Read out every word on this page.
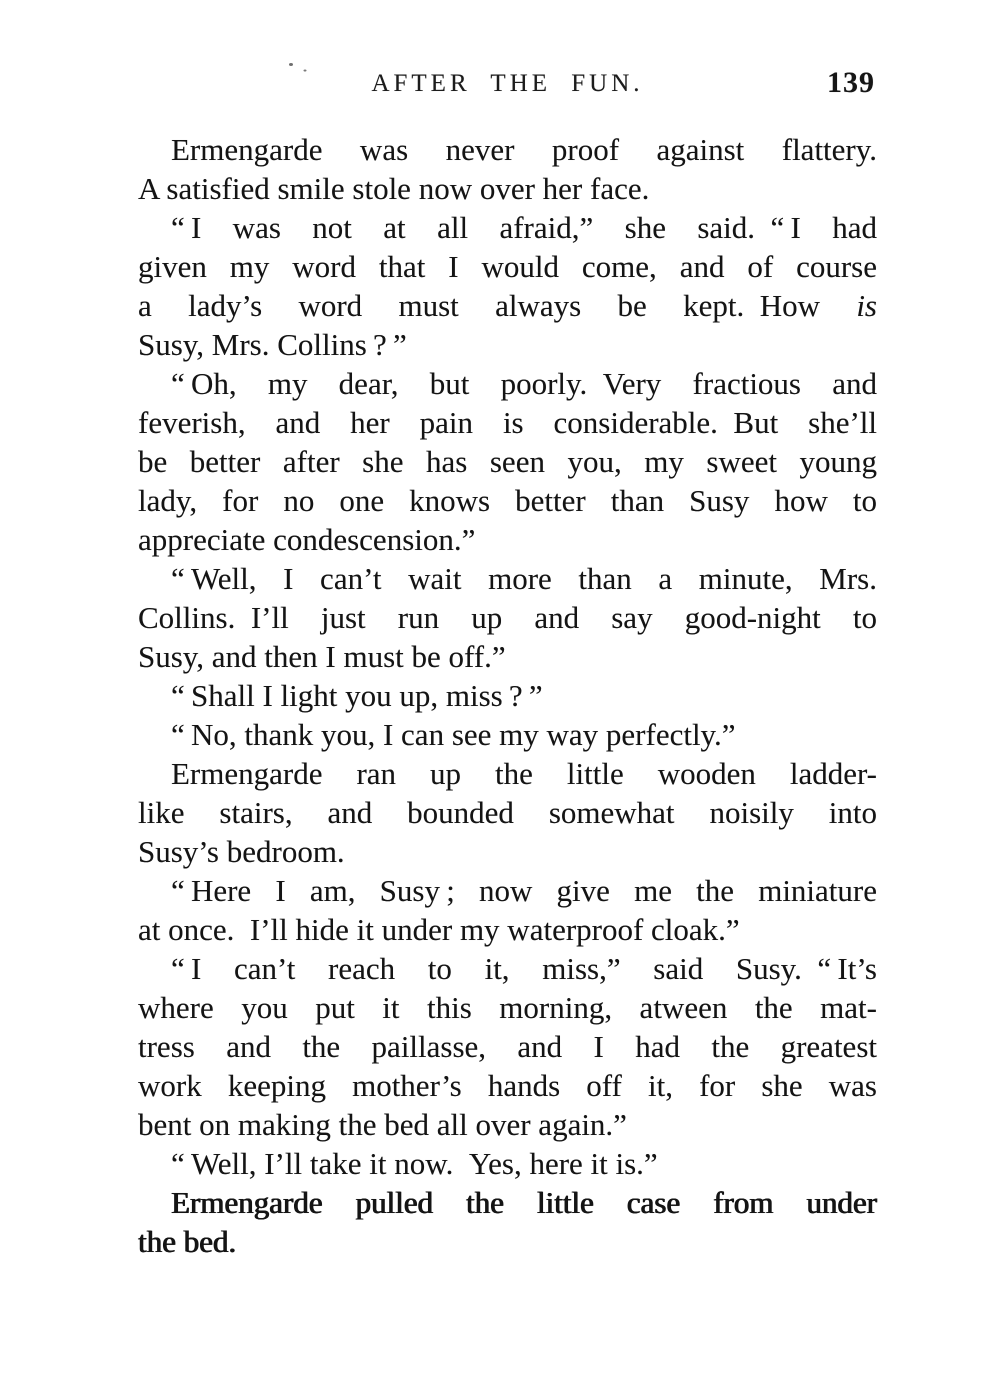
AFTER THE FUN.	139
Ermengarde was never proof against flattery.
A satisfied smile stole now over her face.
“ I was not at all afraid,” she said. “ I had
given my word that I would come, and of course
a lady’s word must always be kept. How is
Susy, Mrs. Collins ? ”
“ Oh, my dear, but poorly. Very fractious and
feverish, and her pain is considerable. But she’ll
be better after she has seen you, my sweet young
lady, for no one knows better than Susy how to
appreciate condescension.”
“ Well, I can’t wait more than a minute, Mrs.
Collins. I’ll just run up and say good-night to
Susy, and then I must be off.”
“ Shall I light you up, miss ? ”
“ No, thank you, I can see my way perfectly.”
Ermengarde ran up the little wooden ladder-
like stairs, and bounded somewhat noisily into
Susy’s bedroom.
“ Here I am, Susy ; now give me the miniature
at once. I’ll hide it under my waterproof cloak.”
“ I can’t reach to it, miss,” said Susy. “ It’s
where you put it this morning, atween the mat-
tress and the paillasse, and I had the greatest
work keeping mother’s hands off it, for she was
bent on making the bed all over again.”
“ Well, I’ll take it now. Yes, here it is.”
Ermengarde pulled the little case from under
the bed.
